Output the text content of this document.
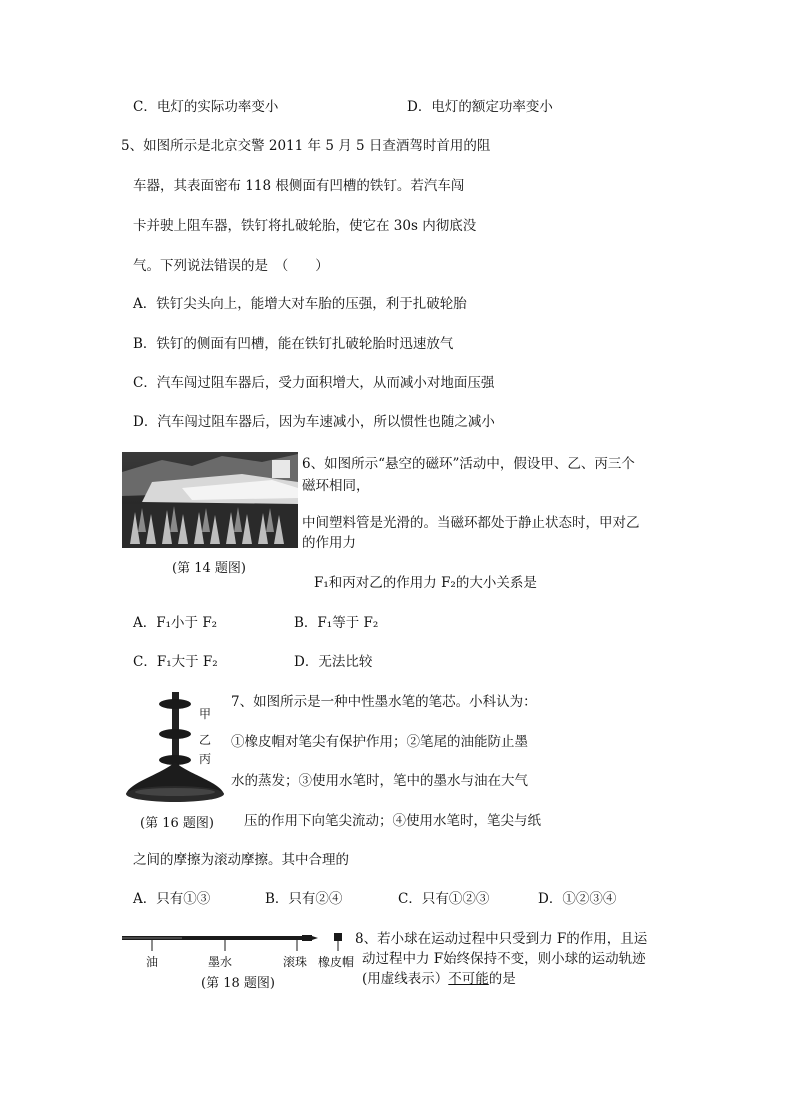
C．电灯的实际功率变小	D．电灯的额定功率变小
5、如图所示是北京交警 2011 年 5 月 5 日查酒驾时首用的阻
车器，其表面密布 118 根侧面有凹槽的铁钉。若汽车闯
卡并驶上阻车器，铁钉将扎破轮胎，使它在 30s 内彻底没
气。下列说法错误的是　（　　）
A．铁钉尖头向上，能增大对车胎的压强，利于扎破轮胎
B．铁钉的侧面有凹槽，能在铁钉扎破轮胎时迅速放气
C．汽车闯过阻车器后，受力面积增大，从而减小对地面压强
D．汽车闯过阻车器后，因为车速减小，所以惯性也随之减小
(第 14 题图)
6、如图所示“悬空的磁环”活动中，假设甲、乙、丙三个
磁环相同，
中间塑料管是光滑的。当磁环都处于静止状态时，甲对乙
的作用力
F₁和丙对乙的作用力 F₂的大小关系是
A．F₁小于 F₂	B．F₁等于 F₂
C．F₁大于 F₂	D．无法比较
甲
乙
丙
(第 16 题图)
7、如图所示是一种中性墨水笔的笔芯。小科认为：
①橡皮帽对笔尖有保护作用；②笔尾的油能防止墨
水的蒸发；③使用水笔时，笔中的墨水与油在大气
压的作用下向笔尖流动；④使用水笔时，笔尖与纸
之间的摩擦为滚动摩擦。其中合理的
A．只有①③	B．只有②④	C．只有①②③	D．①②③④
油	墨水	滚珠 橡皮帽
(第 18 题图)
8、若小球在运动过程中只受到力 F的作用，且运
动过程中力 F始终保持不变，则小球的运动轨迹
(用虚线表示）不可能的是
